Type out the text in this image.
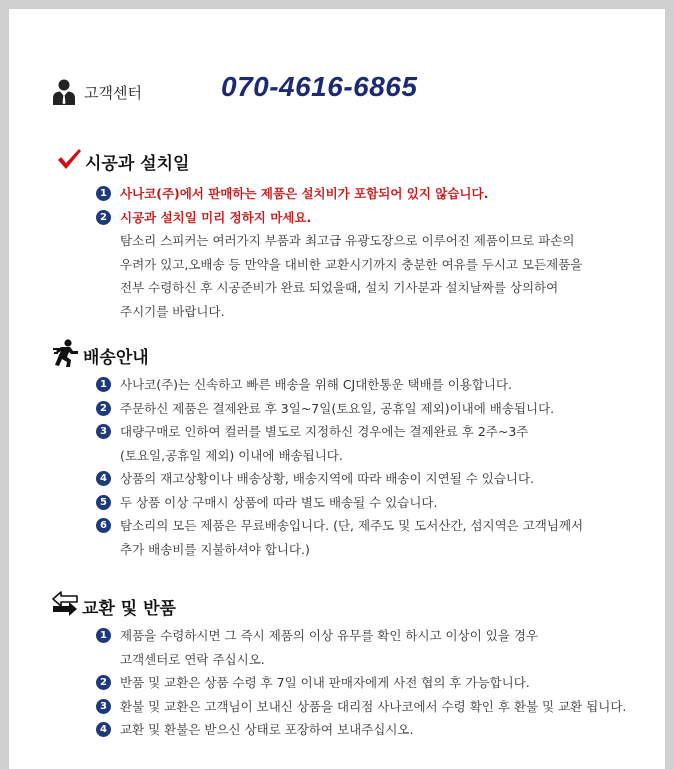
고객센터	070-4616-6865
시공과 설치일
1	사나코(주)에서 판매하는 제품은 설치비가 포함되어 있지 않습니다.
2	시공과 설치일 미리 정하지 마세요.
탐소리 스피커는 여러가지 부품과 최고급 유광도장으로 이루어진 제품이므로 파손의
우려가 있고,오배송 등 만약을 대비한 교환시기까지 충분한 여유를 두시고 모든제품을
전부 수령하신 후 시공준비가 완료 되었을때, 설치 기사분과 설치날짜를 상의하여
주시기를 바랍니다.
배송안내
1	사나코(주)는 신속하고 빠른 배송을 위해 CJ대한통운 택배를 이용합니다.
2	주문하신 제품은 결제완료 후 3일~7일(토요일, 공휴일 제외)이내에 배송됩니다.
3	대량구매로 인하여 컬러를 별도로 지정하신 경우에는 결제완료 후 2주~3주
(토요일,공휴일 제외) 이내에 배송됩니다.
4	상품의 재고상황이나 배송상황, 배송지역에 따라 배송이 지연될 수 있습니다.
5	두 상품 이상 구매시 상품에 따라 별도 배송될 수 있습니다.
6	탐소리의 모든 제품은 무료배송입니다. (단, 제주도 및 도서산간, 섬지역은 고객님께서
추가 배송비를 지불하셔야 합니다.)
교환 및 반품
1	제품을 수령하시면 그 즉시 제품의 이상 유무를 확인 하시고 이상이 있을 경우
고객센터로 연락 주십시오.
2	반품 및 교환은 상품 수령 후 7일 이내 판매자에게 사전 협의 후 가능합니다.
3	환불 및 교환은 고객님이 보내신 상품을 대리점 사나코에서 수령 확인 후 환불 및 교환 됩니다.
4	교환 및 환불은 받으신 상태로 포장하여 보내주십시오.
